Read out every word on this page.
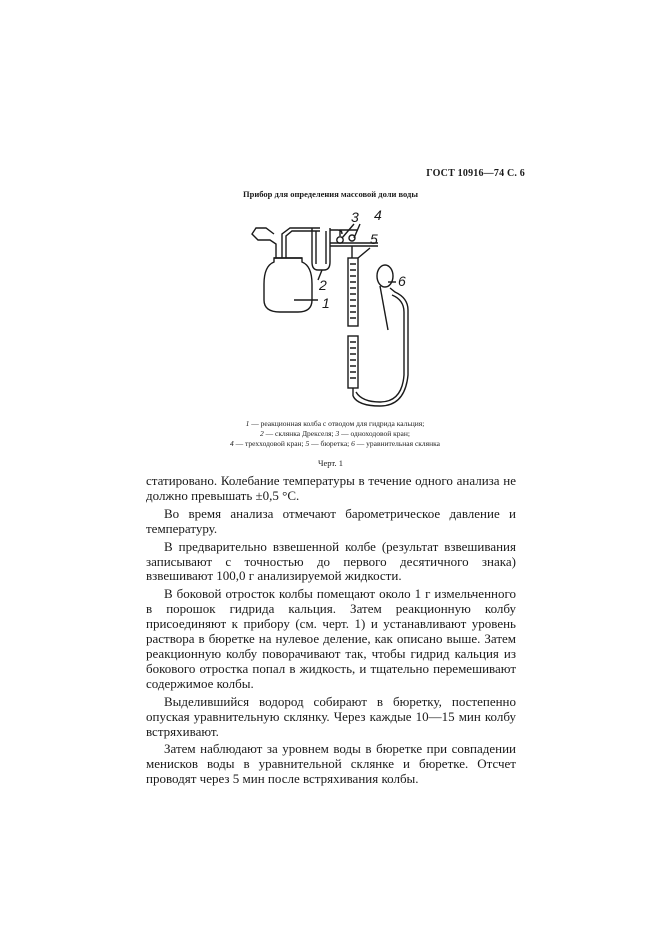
ГОСТ 10916—74 С. 6
Прибор для определения массовой доли воды
1
2
3 4
5
6
1 — реакционная колба с отводом для гидрида кальция;
2 — склянка Дрекселя; 3 — одноходовой кран;
4 — трехходовой кран; 5 — бюретка; 6 — уравнительная склянка
Черт. 1

статировано. Колебание температуры в течение одного анализа не должно превышать ±0,5 °С.

Во время анализа отмечают барометрическое давление и температуру.

В предварительно взвешенной колбе (результат взвешивания записывают с точностью до первого десятичного знака) взвешивают 100,0 г анализируемой жидкости.

В боковой отросток колбы помещают около 1 г измельченного в порошок гидрида кальция. Затем реакционную колбу присоединяют к прибору (см. черт. 1) и устанавливают уровень раствора в бюретке на нулевое деление, как описано выше. Затем реакционную колбу поворачивают так, чтобы гидрид кальция из бокового отростка попал в жидкость, и тщательно перемешивают содержимое колбы.

Выделившийся водород собирают в бюретку, постепенно опуская уравнительную склянку. Через каждые 10—15 мин колбу встряхивают.

Затем наблюдают за уровнем воды в бюретке при совпадении менисков воды в уравнительной склянке и бюретке. Отсчет проводят через 5 мин после встряхивания колбы.
